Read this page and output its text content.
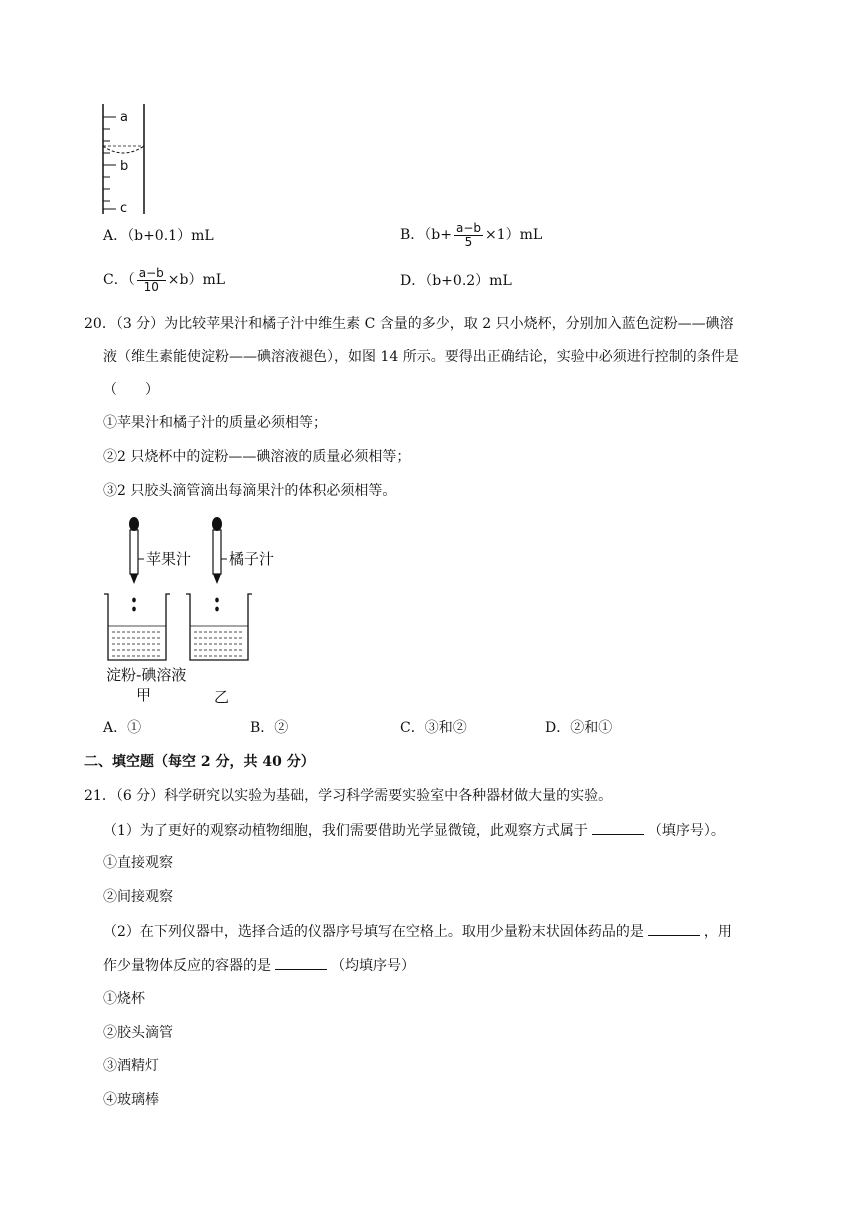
a
b
c
A．（b+0.1）mL	B．$(b+ \frac{a-b}{5} \times 1)mL$
C．（ $\frac{a-b}{10} \times b)mL$	D．（b+0.2）mL
20．（3 分）为比较苹果汁和橘子汁中维生素 C 含量的多少，取 2 只小烧杯，分别加入蓝色淀粉——碘溶
液（维生素能使淀粉——碘溶液褪色），如图 14 所示。要得出正确结论，实验中必须进行控制的条件是
（　　）
①苹果汁和橘子汁的质量必须相等；
②2 只烧杯中的淀粉——碘溶液的质量必须相等；
③2 只胶头滴管滴出每滴果汁的体积必须相等。
苹果汁	橘子汁
淀粉-碘溶液
甲	乙
A．①	B．②	C．③和②	D．②和①
二、填空题（每空 2 分，共 40 分）
21．（6 分）科学研究以实验为基础，学习科学需要实验室中各种器材做大量的实验。
（1）为了更好的观察动植物细胞，我们需要借助光学显微镜，此观察方式属于	（填序号）。
①直接观察
②间接观察
（2）在下列仪器中，选择合适的仪器序号填写在空格上。取用少量粉末状固体药品的是	，用
作少量物体反应的容器的是	（均填序号）
①烧杯
②胶头滴管
③酒精灯
④玻璃棒
